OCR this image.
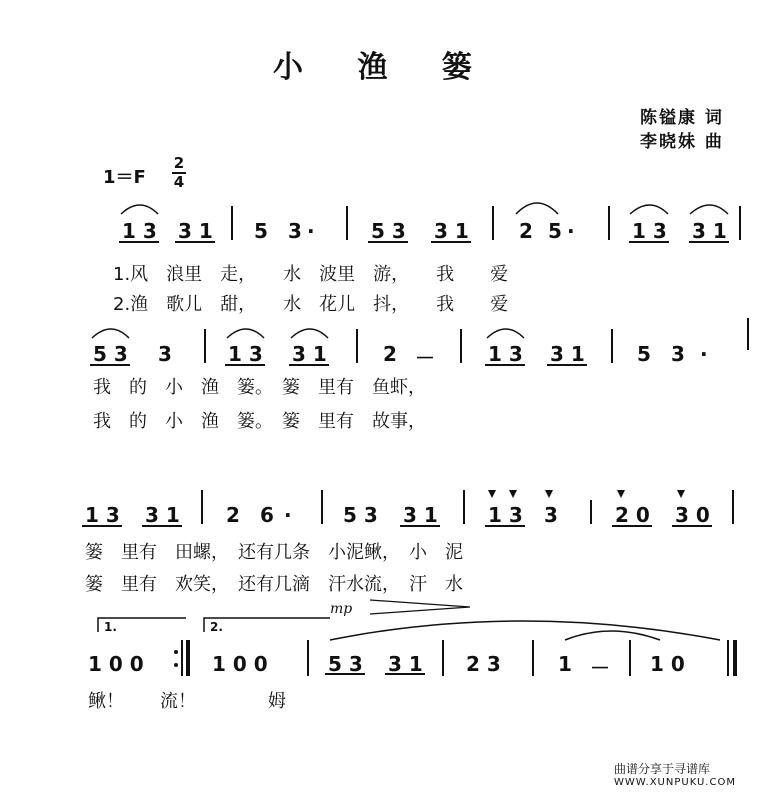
小 渔 篓
陈镒康 词
李晓妹 曲
1＝F
2
4
1 3 3 1 5 3 ·	5 3 3 1	2 5 ·	1 3 3 1
1.风　浪里　走，　　水　波里　游，　　我　　爱
2.渔　歌儿　甜，　　水　花儿　抖，　　我　　爱
5 3 3	1 3 3 1	2 －	1 3 3 1	5 3 ·
我　的　小　渔　篓。　篓　里有　鱼虾，
我　的　小　渔　篓。　篓　里有　故事，
1 3 3 1 2 6 ·	5 3 3 1	1 3 3	2 0 3 0
篓　里有　田螺，　还有几条　小泥鳅，　小　泥
篓　里有　欢笑，　还有几滴　汗水流，　汗　水
1.	2.
mp
1 0 0	1 0 0	5 3 3 1 2 3	1 － 1 0
鳅！　　流！　　　　姆
曲谱分享于寻谱库
WWW.XUNPUKU.COM
